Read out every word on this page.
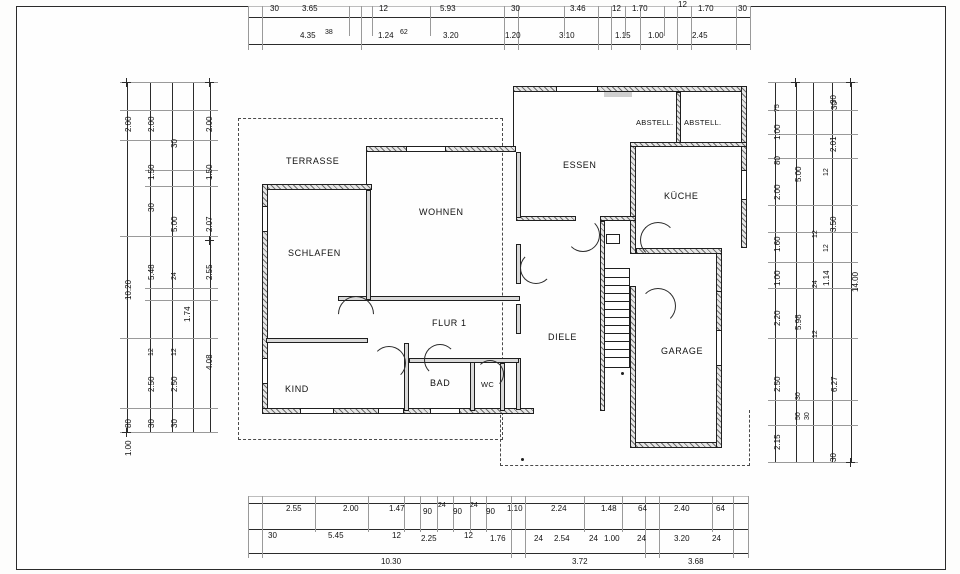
30	3.65	12	5.93	30	3.46	12 1.70	12 1.70	30
4.35 38	1.24 62	3.20	1.20	3.10	1.15 1.00	2.45
2.00 2.00
30
2.00
1.50	1.50
30
5.00	2.07
5.48 24	2.55
10.20
1.74
12 12
2.50 2.50
4.08
1.00
80 30 30
75
1.00
80
2.00
1.60
1.00
2.20
2.50
2.15
5.00
5.98
30
30
30
12
12
12
24 1.14
12
6.27
50
30
2.01
3.50
14.00
30
2.55	2.00	1.47 90
24
90
24
90 1.10	2.24	1.48	64	2.40	64
30	5.45	12	2.25	12 1.76	24 2.54 24 1.00 24	3.20	24
10.30	3.72	3.68
TERRASSE
WOHNEN
ESSEN
ABSTELL. ABSTELL.
KÜCHE
SCHLAFEN
FLUR 1
DIELE
GARAGE
KIND
BAD	WC
